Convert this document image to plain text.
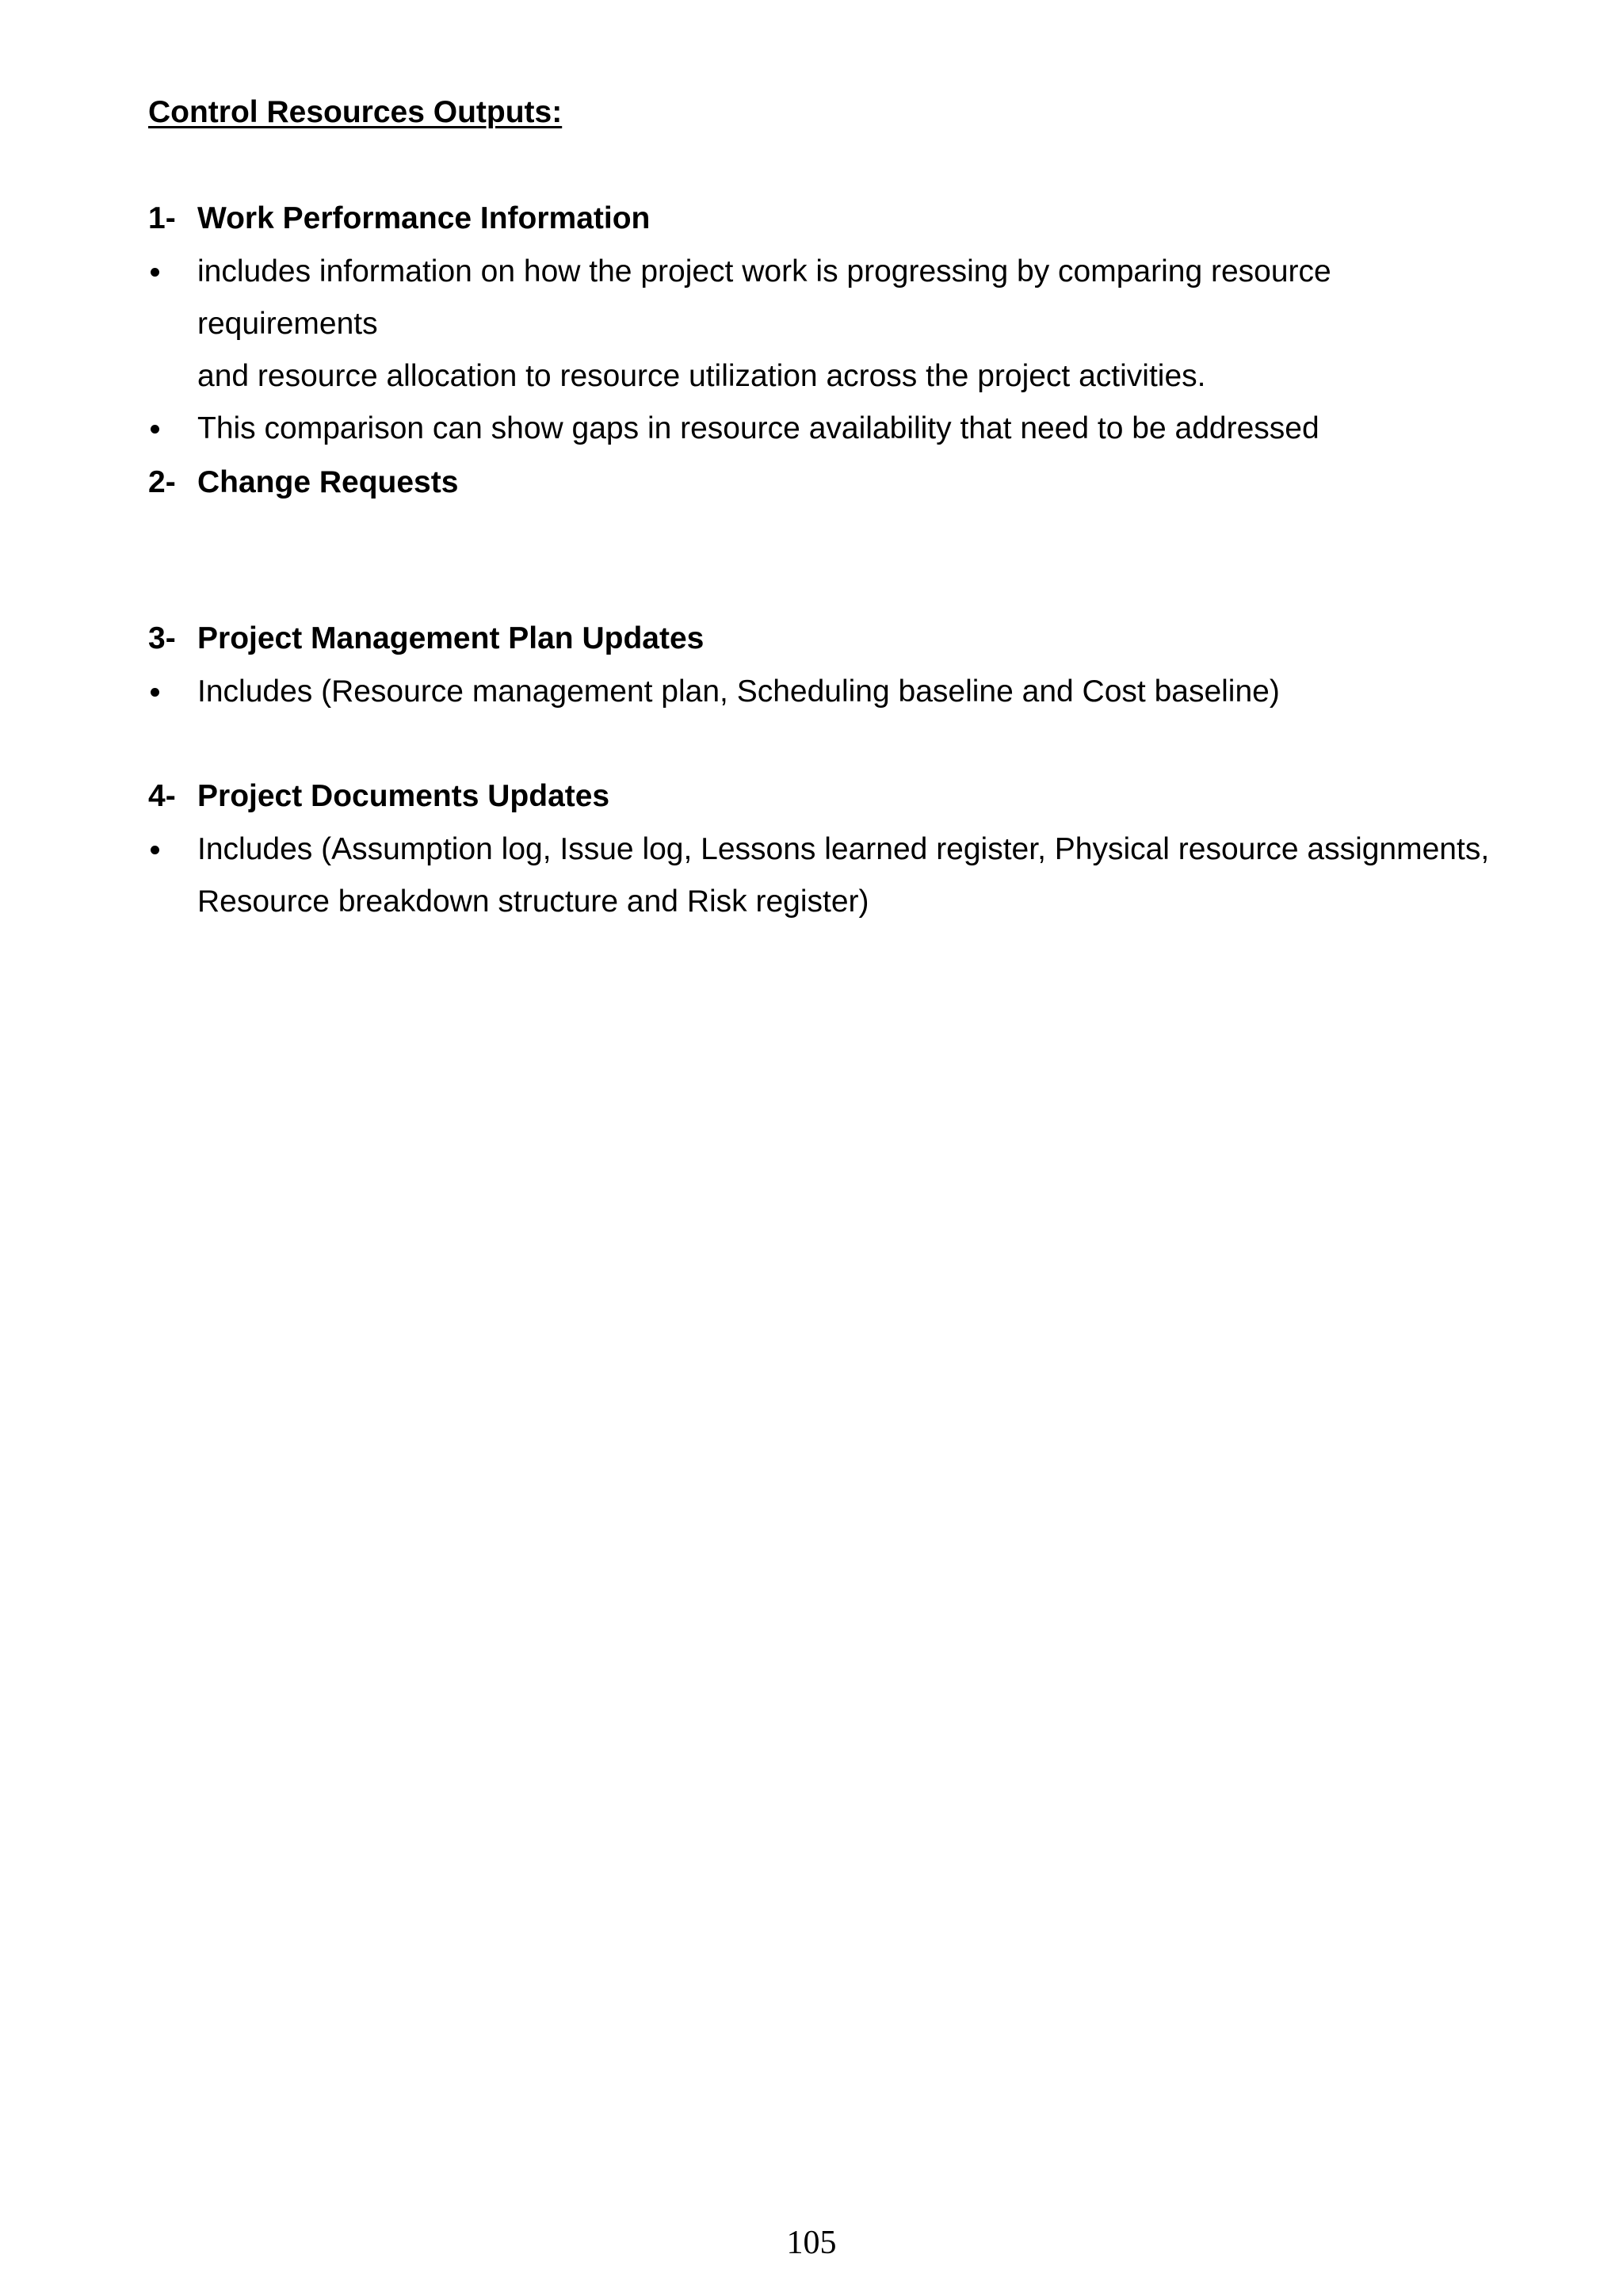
Control Resources Outputs:
1- Work Performance Information
includes information on how the project work is progressing by comparing resource requirements
and resource allocation to resource utilization across the project activities.
This comparison can show gaps in resource availability that need to be addressed
2- Change Requests
3- Project Management Plan Updates
Includes (Resource management plan, Scheduling baseline and Cost baseline)
4- Project Documents Updates
Includes (Assumption log, Issue log, Lessons learned register, Physical resource assignments,
Resource breakdown structure and Risk register)
105
